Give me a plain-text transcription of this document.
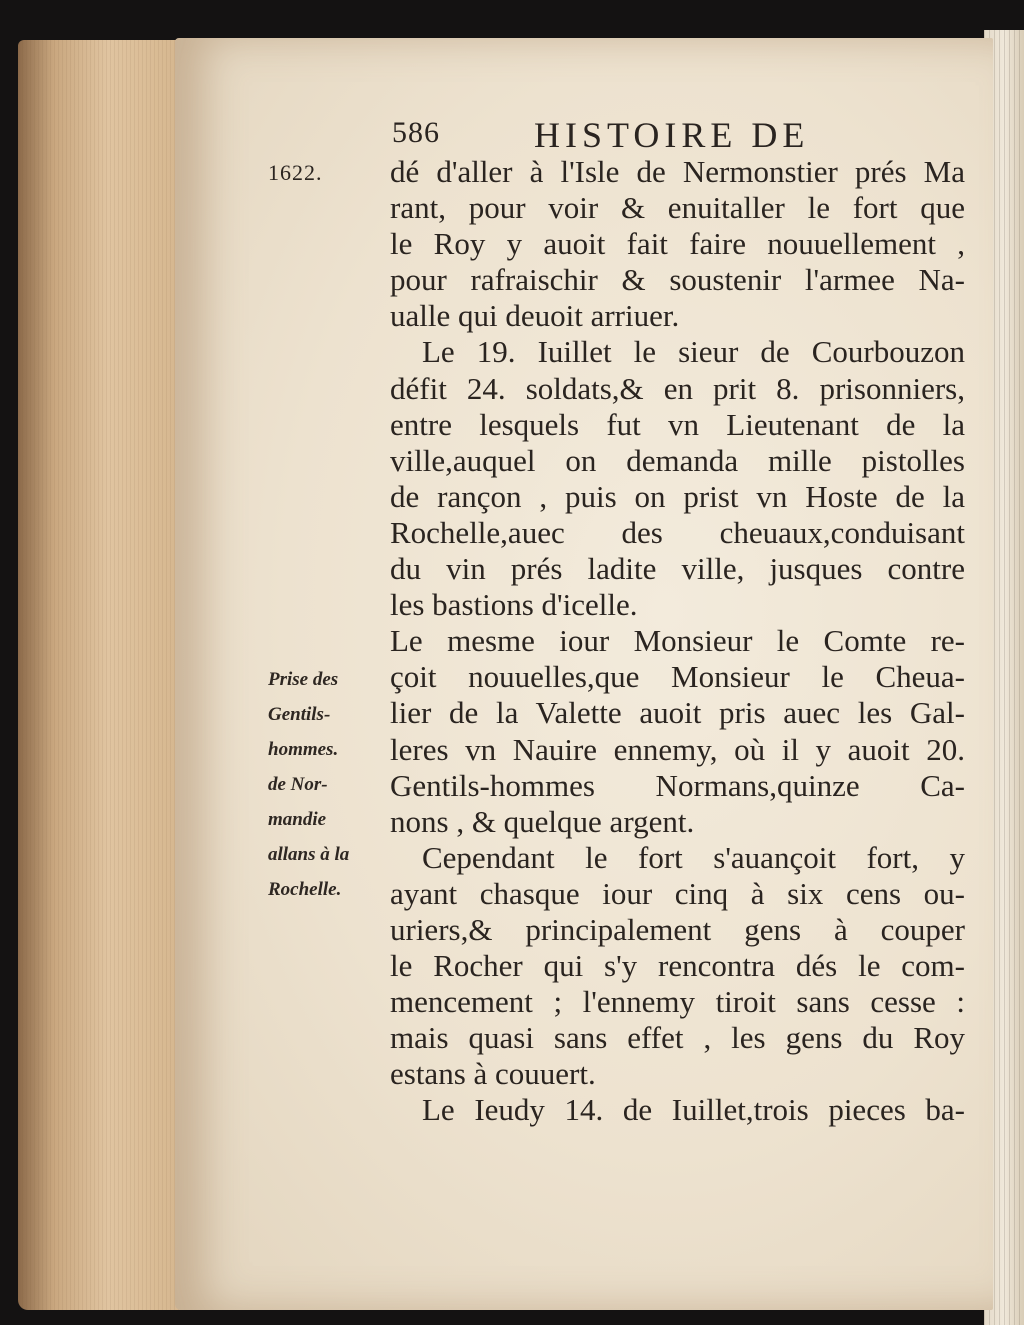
586	HISTOIRE DE
1622. dé d'aller à l'Isle de Nermonstier prés Ma
rant, pour voir & enuitaller le fort que
le Roy y auoit fait faire nouuellement ,
pour rafraischir & soustenir l'armee Na-
ualle qui deuoit arriuer.
Le 19. Iuillet le sieur de Courbouzon
défit 24. soldats,& en prit 8. prisonniers,
entre lesquels fut vn Lieutenant de la
ville,auquel on demanda mille pistolles
de rançon , puis on prist vn Hoste de la
Rochelle,auec des cheuaux,conduisant
du vin prés ladite ville, jusques contre
les bastions d'icelle.
Le mesme iour Monsieur le Comte re-
çoit nouuelles,que Monsieur le Cheua-
lier de la Valette auoit pris auec les Gal-
leres vn Nauire ennemy, où il y auoit 20.
Gentils-hommes Normans,quinze Ca-
nons , & quelque argent.
Cependant le fort s'auançoit fort, y
ayant chasque iour cinq à six cens ou-
uriers,& principalement gens à couper
le Rocher qui s'y rencontra dés le com-
mencement ; l'ennemy tiroit sans cesse :
mais quasi sans effet , les gens du Roy
estans à couuert.
Le Ieudy 14. de Iuillet,trois pieces ba-
Prise des
Gentils-
hommes.
de Nor-
mandie
allans à la
Rochelle.
